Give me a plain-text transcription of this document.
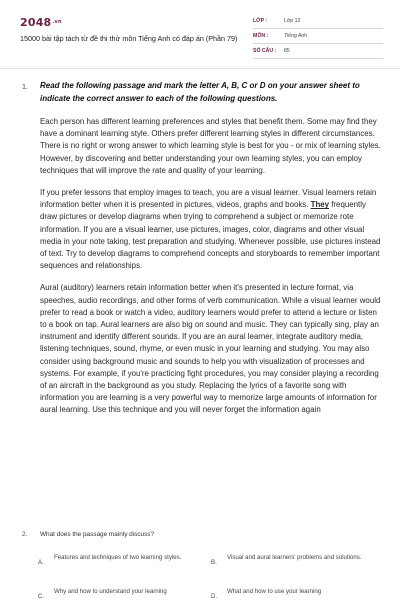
$2048^{.vn}$
15000 bài tập tách từ đề thi thử môn Tiếng Anh có đáp án (Phần 79)
LỚP :	Lớp 12
MÔN :	Tiếng Anh
SỐ CÂU : 85
1. Read the following passage and mark the letter A, B, C or D on your answer sheet to indicate the correct answer to each of the following questions.

Each person has different learning preferences and styles that benefit them. Some may find they have a dominant learning style. Others prefer different learning styles in different circumstances. There is no right or wrong answer to which learning style is best for you - or mix of learning styles. However, by discovering and better understanding your own learning styles, you can employ techniques that will improve the rate and quality of your learning.

If you prefer lessons that employ images to teach, you are a visual learner. Visual learners retain information better when it is presented in pictures, videos, graphs and books. They frequently draw pictures or develop diagrams when trying to comprehend a subject or memorize rote information. If you are a visual learner, use pictures, images, color, diagrams and other visual media in your note taking, test preparation and studying. Whenever possible, use pictures instead of text. Try to develop diagrams to comprehend concepts and storyboards to remember important sequences and relationships.

Aural (auditory) learners retain information better when it's presented in lecture format, via speeches, audio recordings, and other forms of verb communication. While a visual learner would prefer to read a book or watch a video, auditory learners would prefer to attend a lecture or listen to a book on tap. Aural learners are also big on sound and music. They can typically sing, play an instrument and identify different sounds. If you are an aural learner, integrate auditory media, listening techniques, sound, rhyme, or even music in your learning and studying. You may also consider using background music and sounds to help you with visualization of processes and systems. For example, if you're practicing fight procedures, you may consider playing a recording of an aircraft in the background as you study. Replacing the lyrics of a favorite song with information you are learning is a very powerful way to memorize large amounts of information for aural learning. Use this technique and you will never forget the information again

2. What does the passage mainly discuss?
A.
Features and techniques of two learning styles.
B.
Visual and aural learners' problems and solutions.
C.
Why and how to understand your learning
D.
What and how to use your learning
